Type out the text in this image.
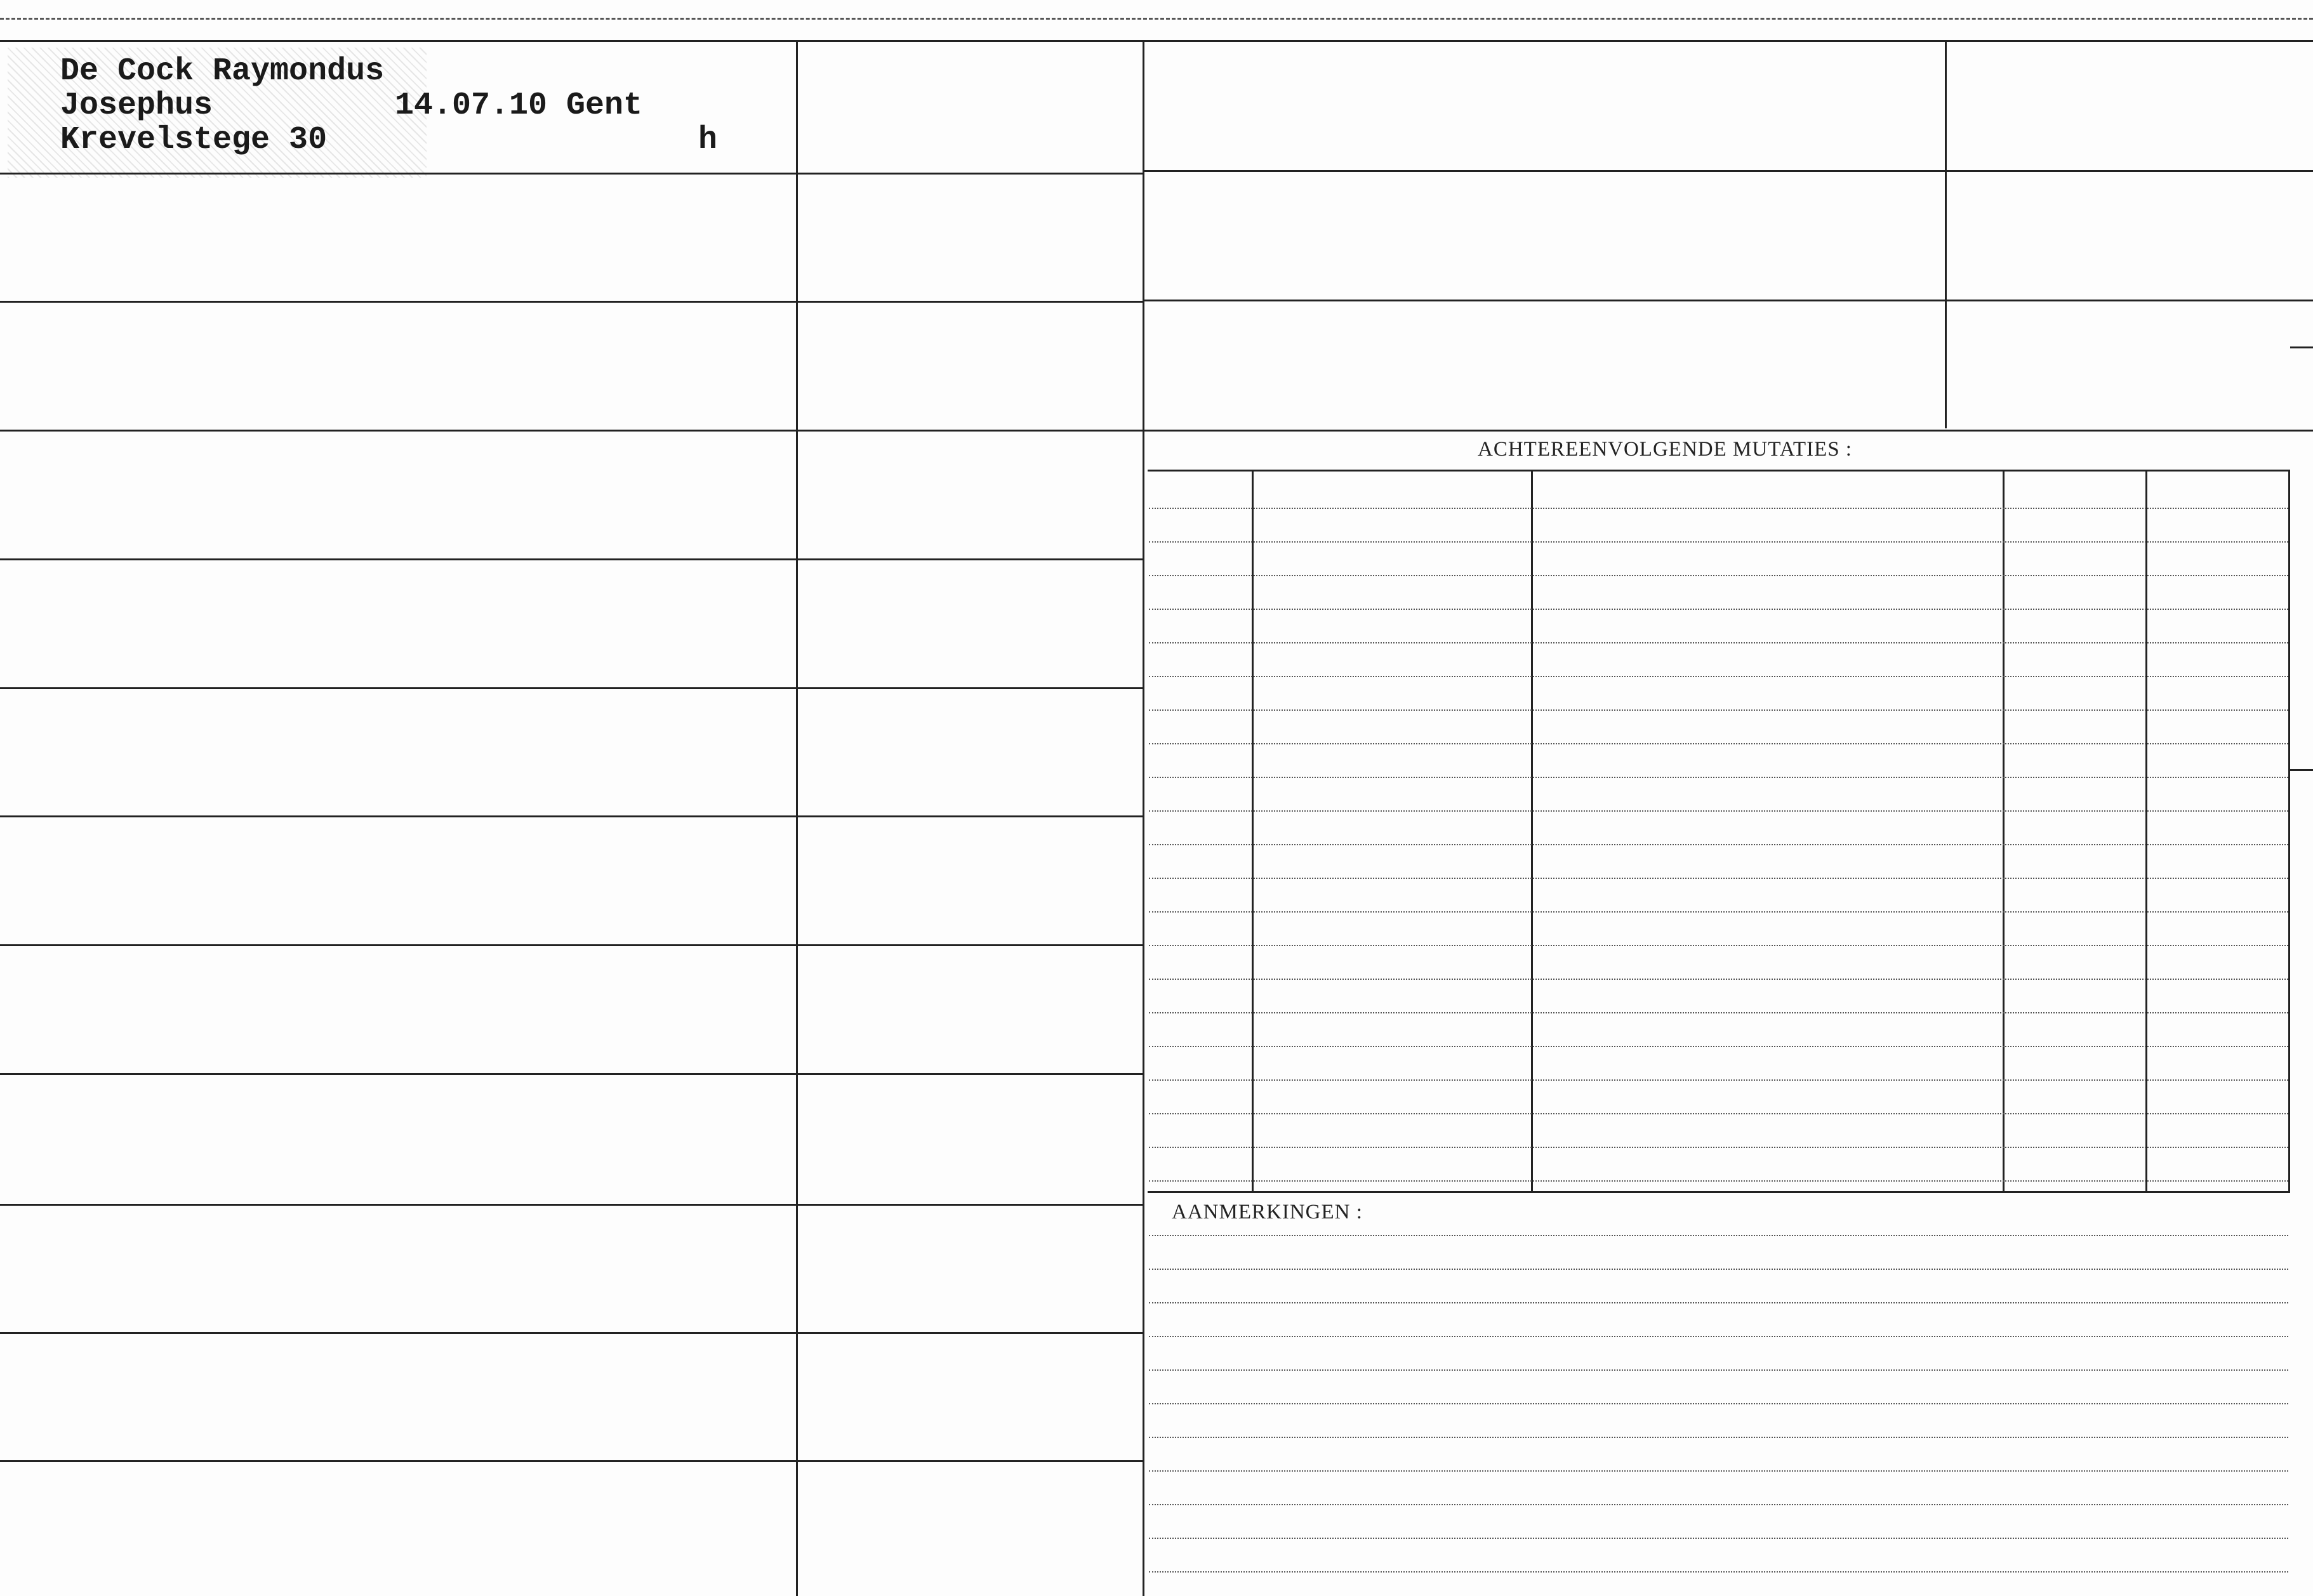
De Cock Raymondus
Josephus
Krevelstege 30
14.07.10 Gent
h
ACHTEREENVOLGENDE MUTATIES :
AANMERKINGEN :
